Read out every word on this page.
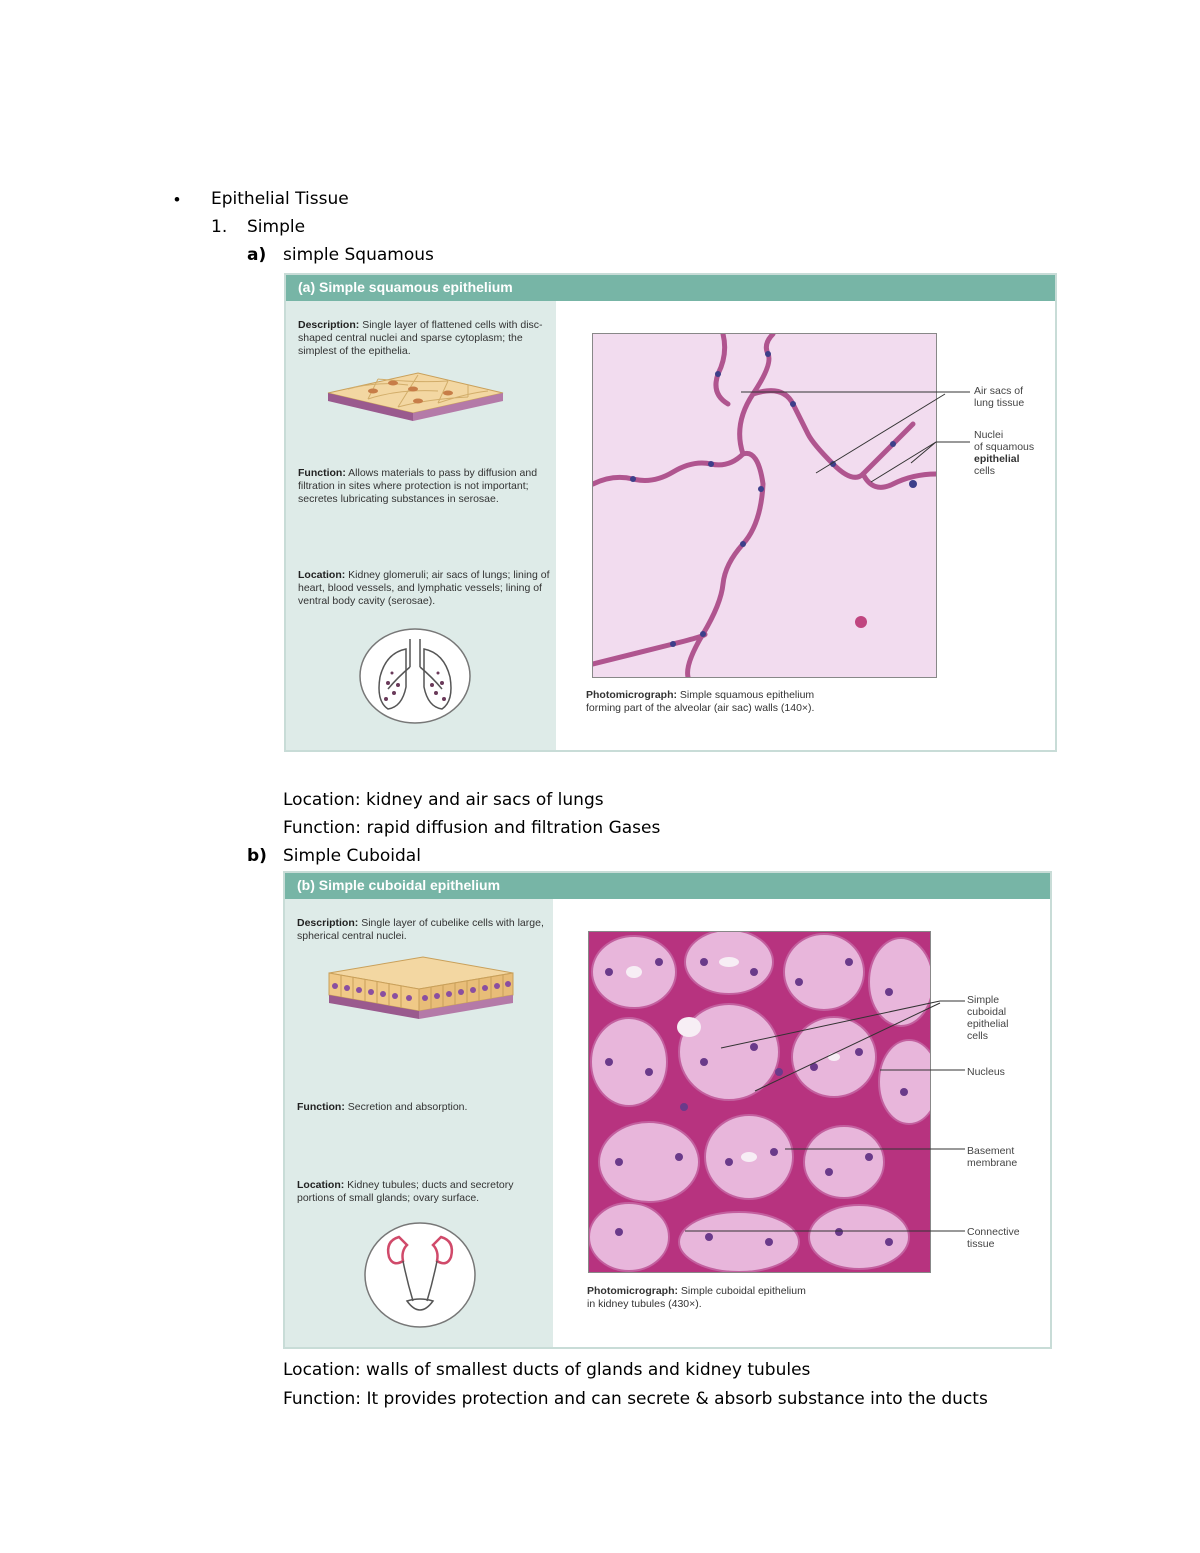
• Epithelial Tissue
1. Simple
a) simple Squamous
(a) Simple squamous epithelium
Description: Single layer of flattened cells with disc-shaped central nuclei and sparse cytoplasm; the simplest of the epithelia.
Function: Allows materials to pass by diffusion and filtration in sites where protection is not important; secretes lubricating substances in serosae.
Location: Kidney glomeruli; air sacs of lungs; lining of heart, blood vessels, and lymphatic vessels; lining of ventral body cavity (serosae).
Air sacs of
lung tissue
Nuclei
of squamous
epithelial
cells
Photomicrograph: Simple squamous epithelium
forming part of the alveolar (air sac) walls (140×).
Location: kidney and air sacs of lungs
Function: rapid diffusion and filtration Gases
b) Simple Cuboidal
(b) Simple cuboidal epithelium
Description: Single layer of cubelike cells with large, spherical central nuclei.
Function: Secretion and absorption.
Location: Kidney tubules; ducts and secretory portions of small glands; ovary surface.
Simple
cuboidal
epithelial
cells
Nucleus
Basement
membrane
Connective
tissue
Photomicrograph: Simple cuboidal epithelium
in kidney tubules (430×).
Location: walls of smallest ducts of glands and kidney tubules
Function: It provides protection and can secrete & absorb substance into the ducts
